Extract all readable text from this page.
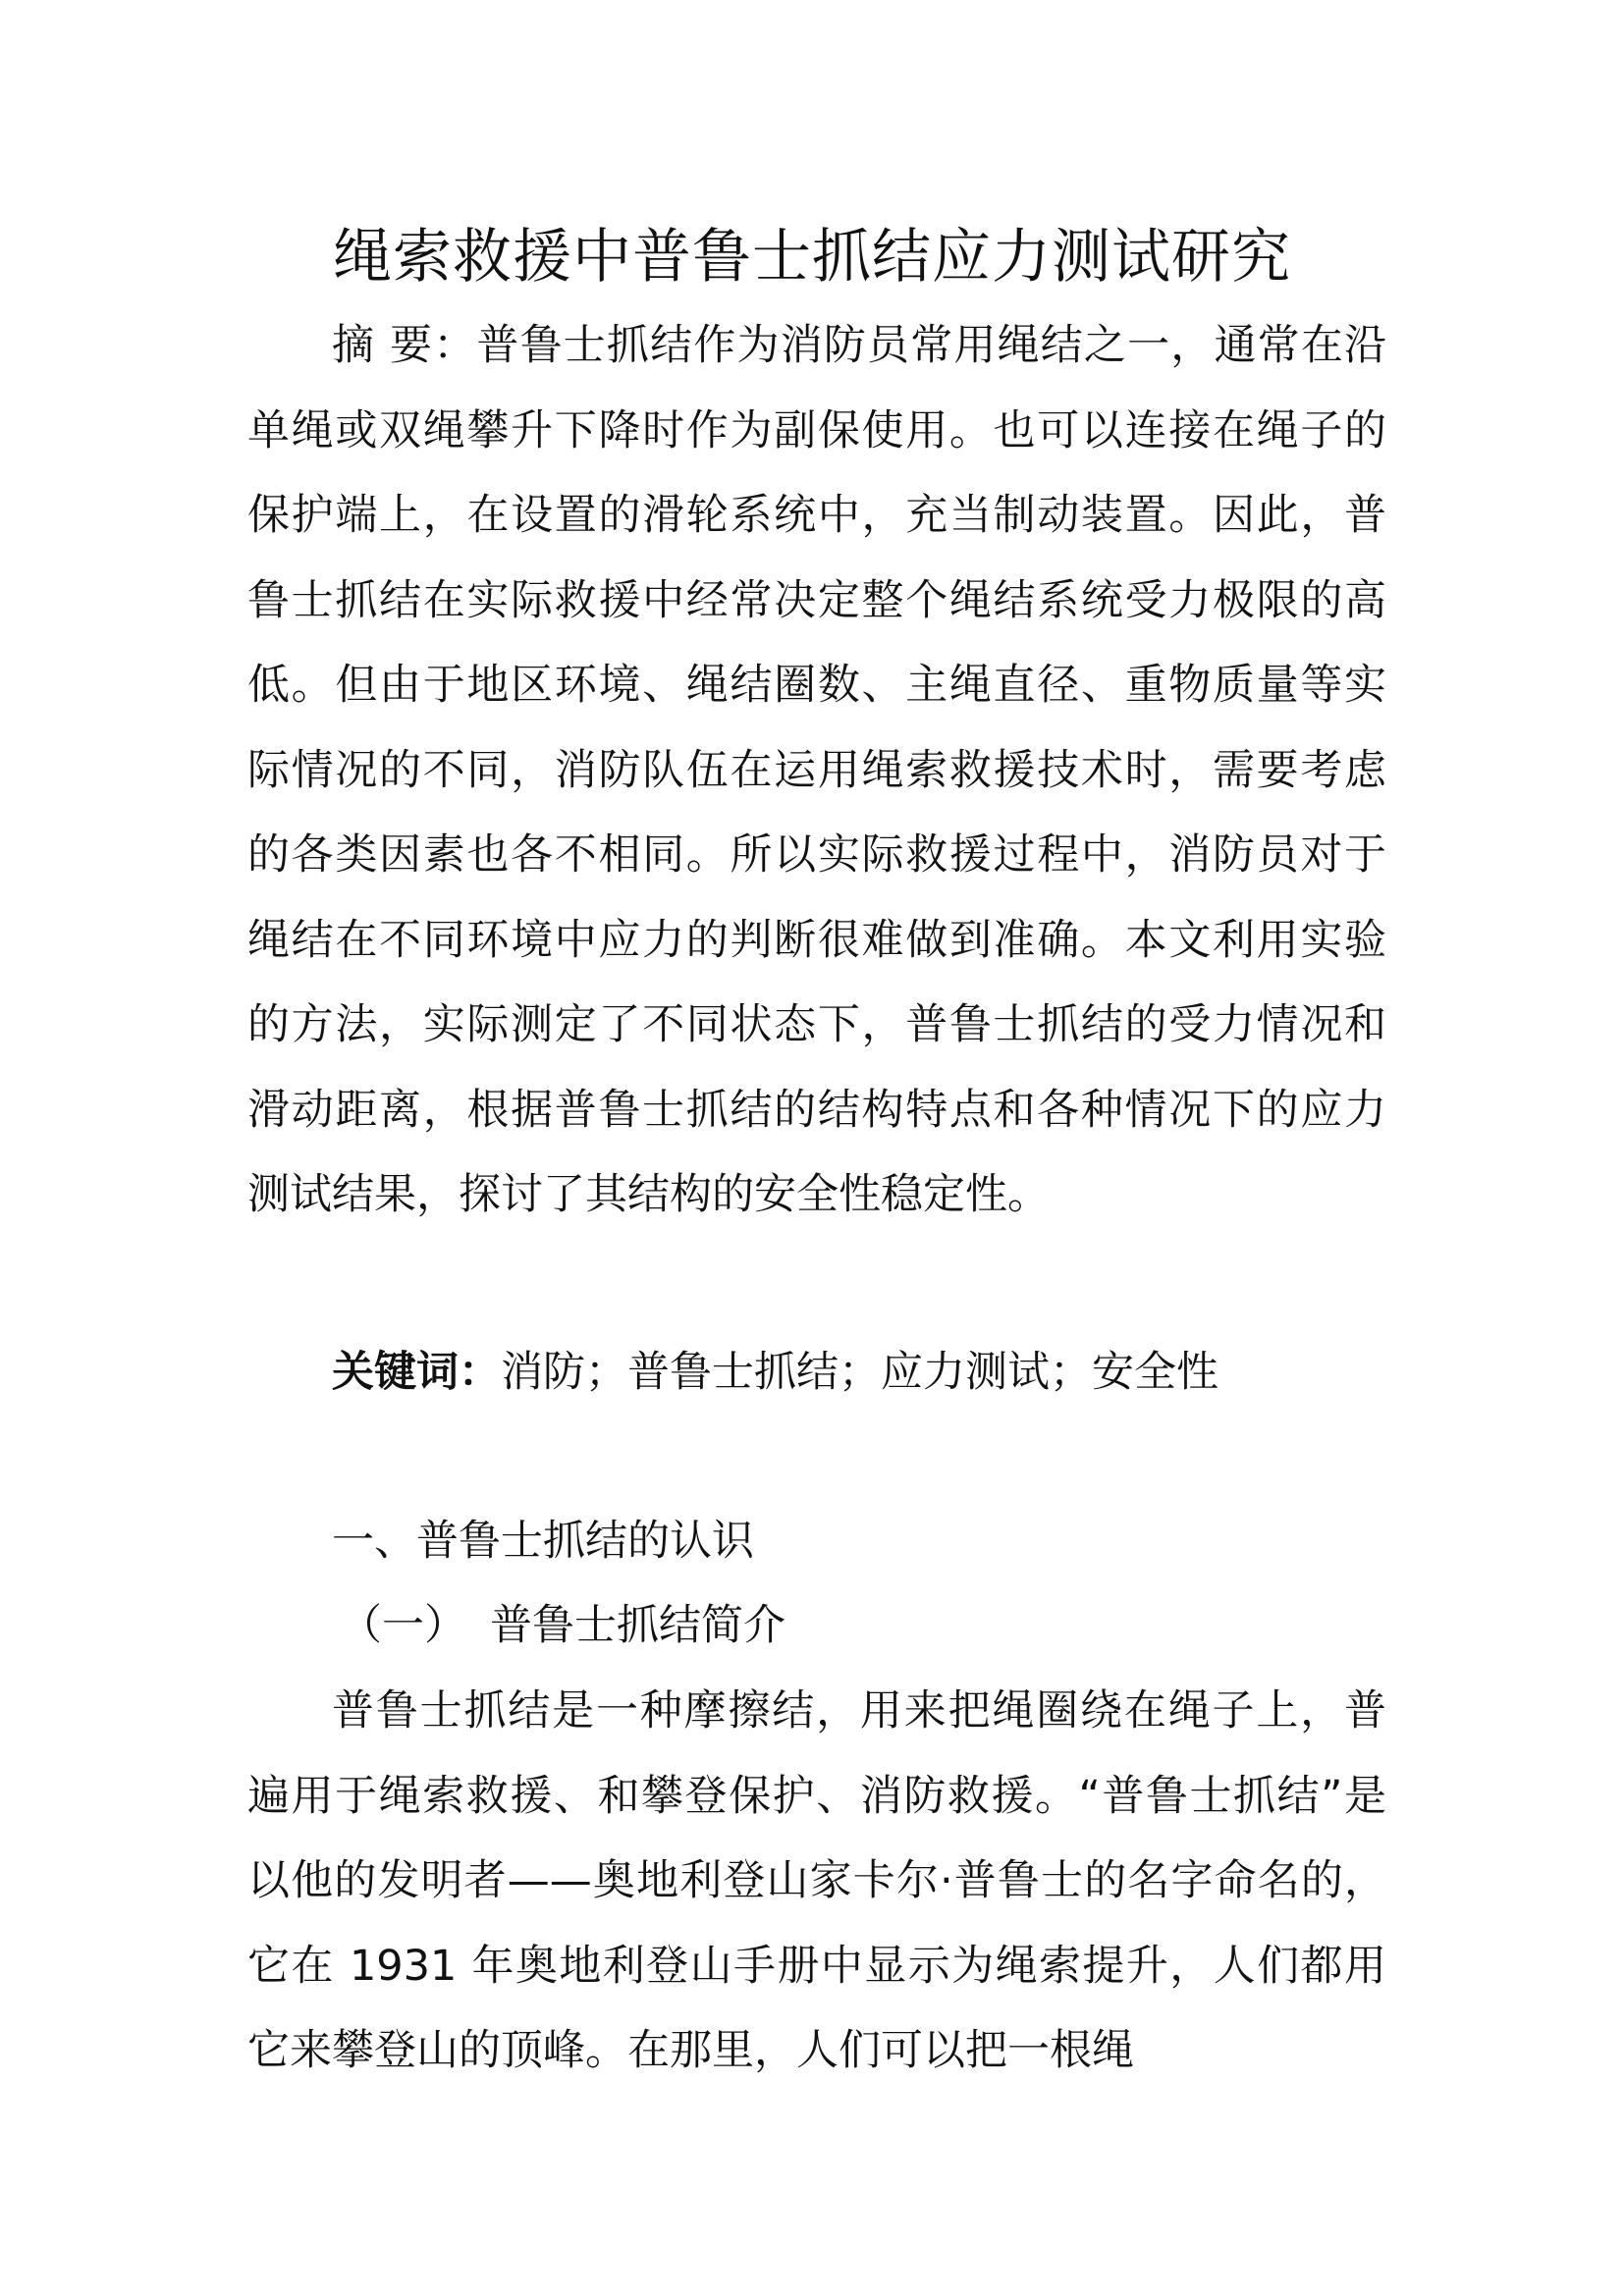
绳索救援中普鲁士抓结应力测试研究

摘 要：普鲁士抓结作为消防员常用绳结之一，通常在沿单绳或双绳攀升下降时作为副保使用。也可以连接在绳子的保护端上，在设置的滑轮系统中，充当制动装置。因此，普鲁士抓结在实际救援中经常决定整个绳结系统受力极限的高低。但由于地区环境、绳结圈数、主绳直径、重物质量等实际情况的不同，消防队伍在运用绳索救援技术时，需要考虑的各类因素也各不相同。所以实际救援过程中，消防员对于绳结在不同环境中应力的判断很难做到准确。本文利用实验的方法，实际测定了不同状态下，普鲁士抓结的受力情况和滑动距离，根据普鲁士抓结的结构特点和各种情况下的应力测试结果，探讨了其结构的安全性稳定性。

关键词：消防；普鲁士抓结；应力测试；安全性

一、普鲁士抓结的认识
（一） 普鲁士抓结简介

普鲁士抓结是一种摩擦结，用来把绳圈绕在绳子上，普遍用于绳索救援、和攀登保护、消防救援。“普鲁士抓结”是以他的发明者——奥地利登山家卡尔·普鲁士的名字命名的，它在 1931 年奥地利登山手册中显示为绳索提升，人们都用它来攀登山的顶峰。在那里，人们可以把一根绳
